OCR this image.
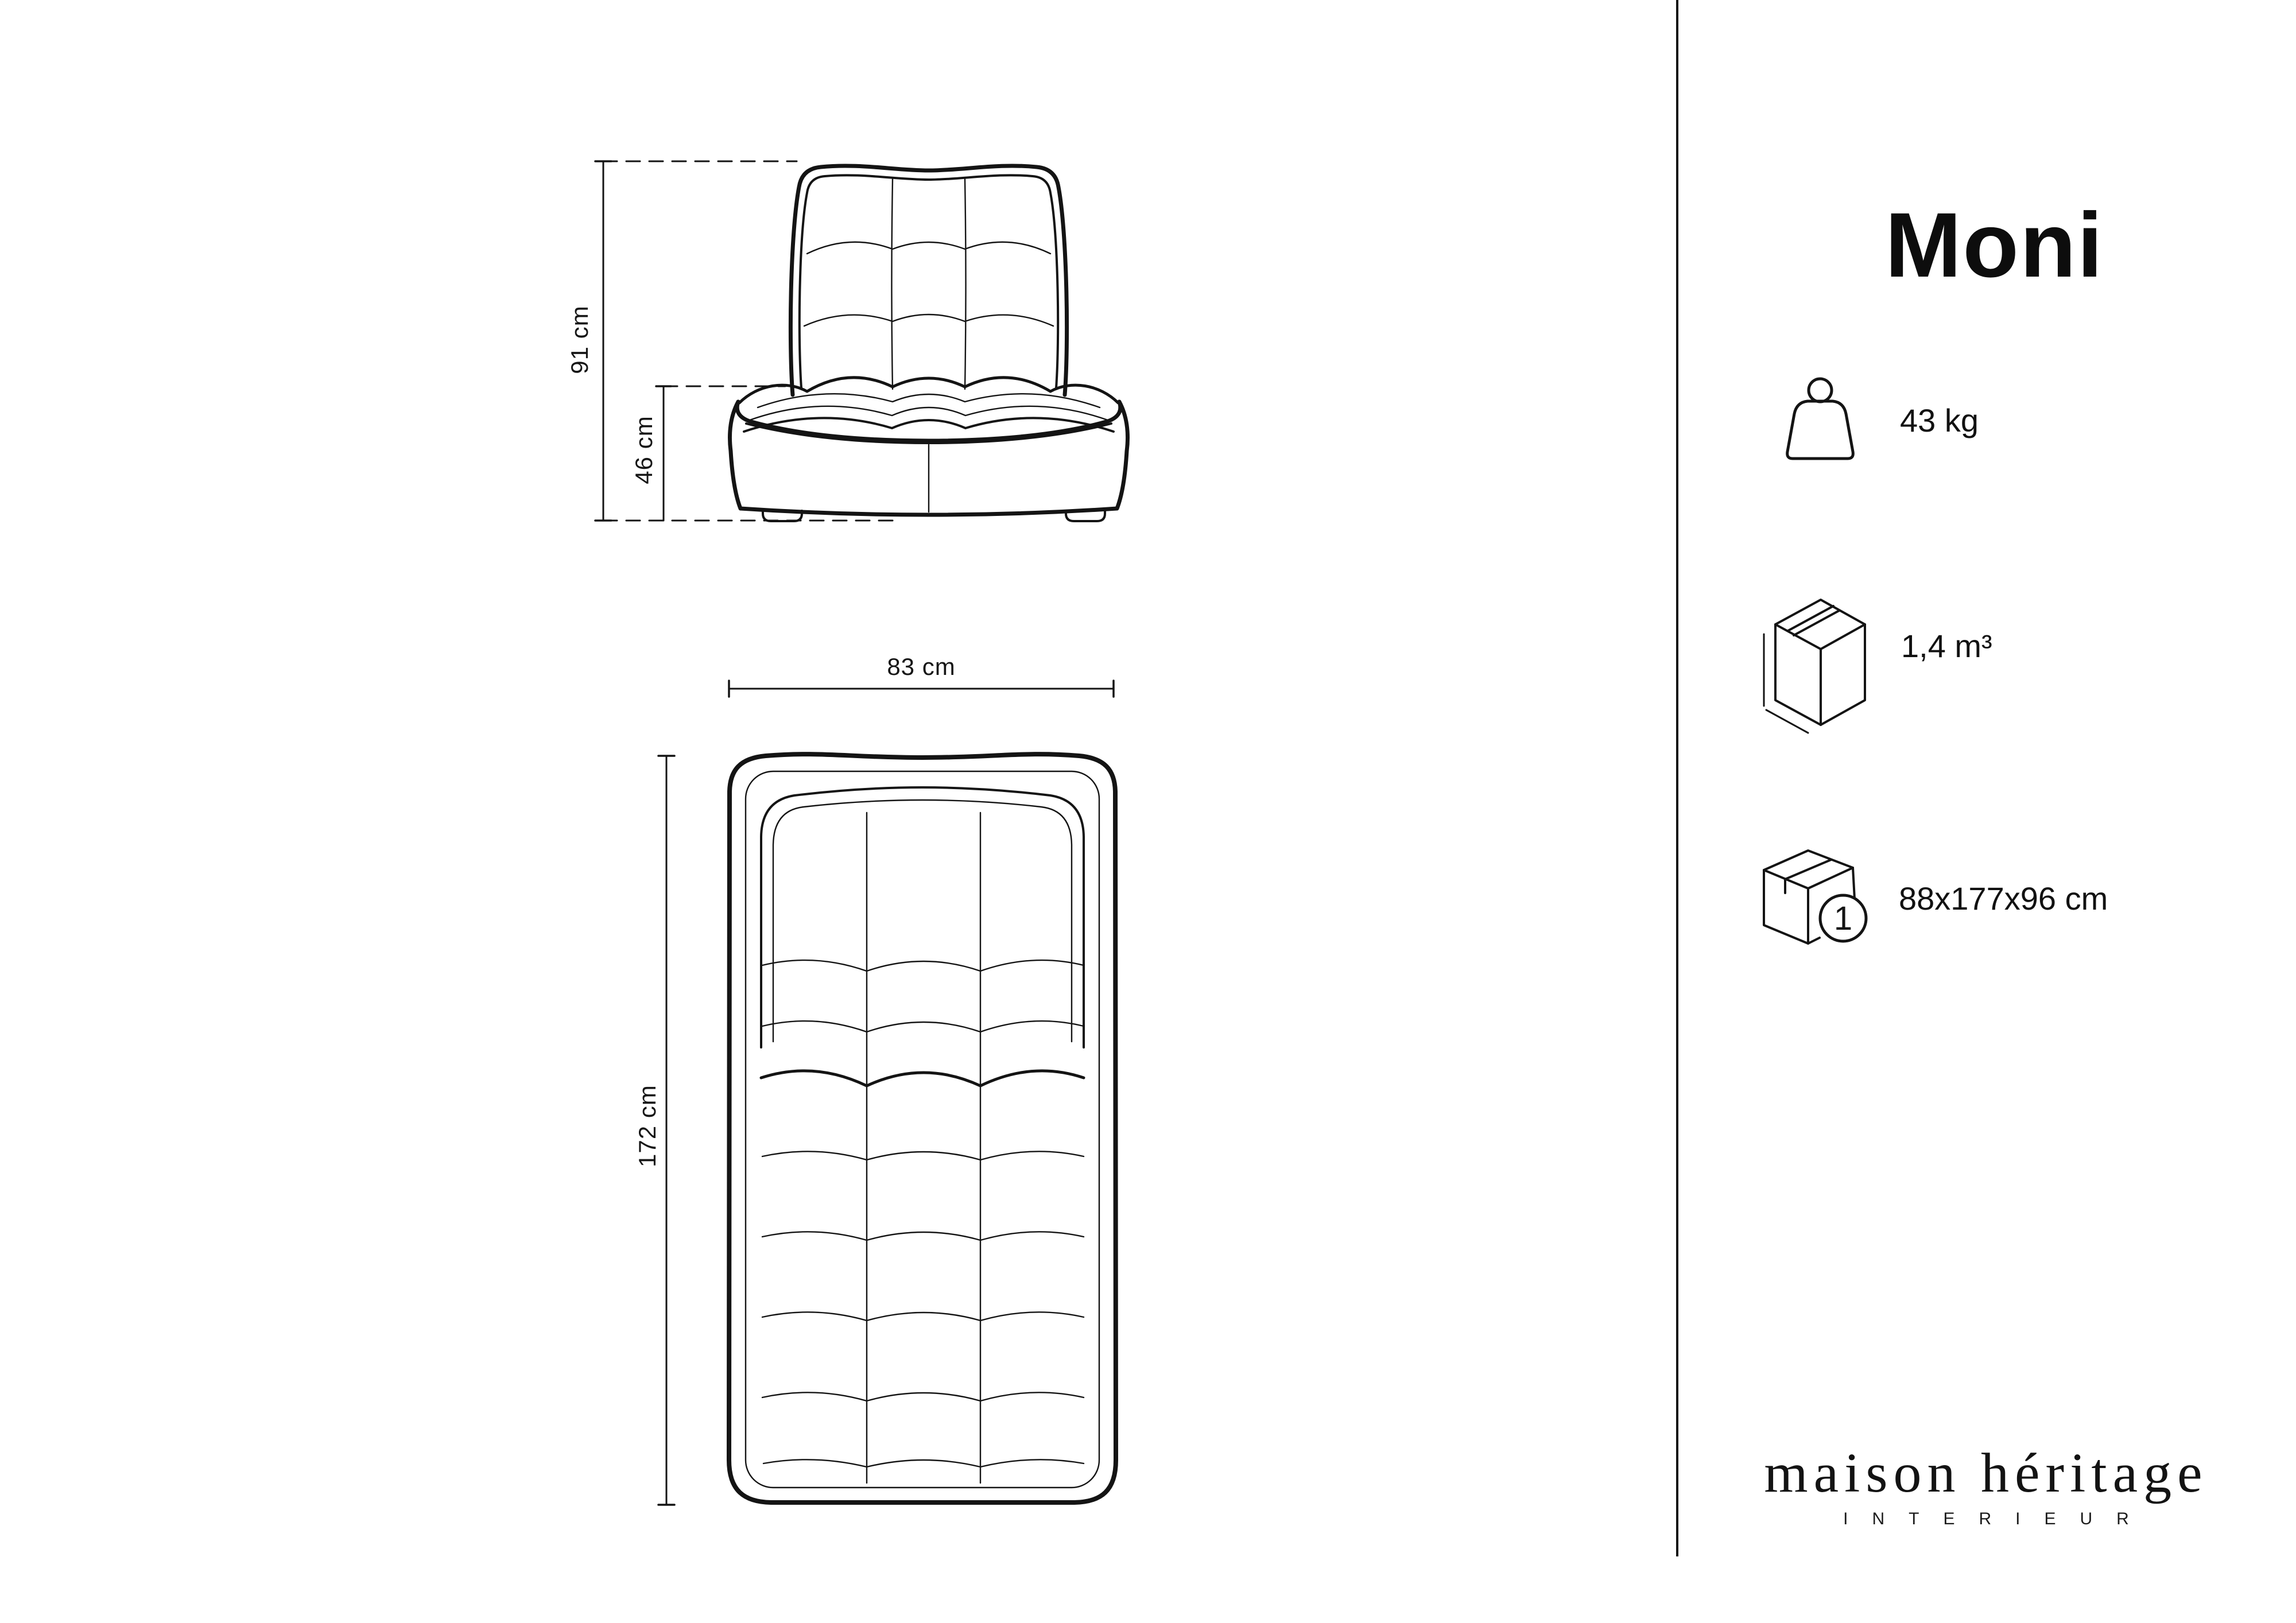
91 cm
46 cm
83 cm
172 cm
Moni
43 kg
1,4 m³
1
88x177x96 cm
maison héritage
INTERIEUR
